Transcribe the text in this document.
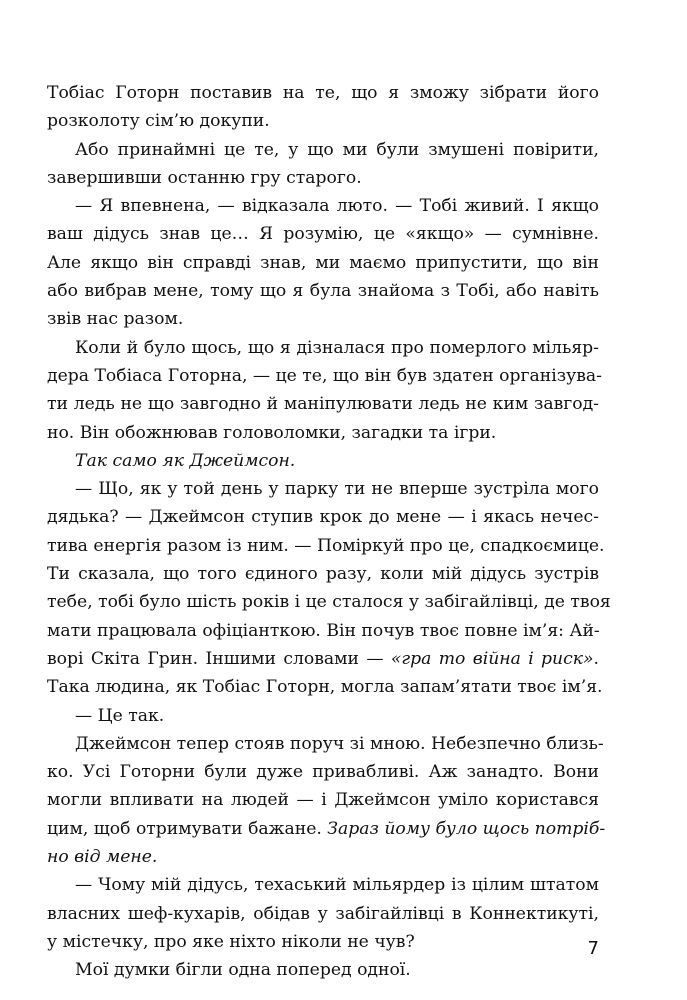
Тобіас Готорн поставив на те, що я зможу зібрати його
розколоту сім’ю докупи.
Або принаймні це те, у що ми були змушені повірити,
завершивши останню гру старого.
— Я впевнена, — відказала люто. — Тобі живий. І якщо
ваш дідусь знав це… Я розумію, це «якщо» — сумнівне.
Але якщо він справді знав, ми маємо припустити, що він
або вибрав мене, тому що я була знайома з Тобі, або навіть
звів нас разом.
Коли й було щось, що я дізналася про померлого мільяр-
дера Тобіаса Готорна, — це те, що він був здатен організува-
ти ледь не що завгодно й маніпулювати ледь не ким завгод-
но. Він обожнював головоломки, загадки та ігри.
Так само як Джеймсон.
— Що, як у той день у парку ти не вперше зустріла мого
дядька? — Джеймсон ступив крок до мене — і якась нечес-
тива енергія разом із ним. — Поміркуй про це, спадкоємице.
Ти сказала, що того єдиного разу, коли мій дідусь зустрів
тебе, тобі було шість років і це сталося у забігайлівці, де твоя
мати працювала офіціанткою. Він почув твоє повне ім’я: Ай-
ворі Скіта Грин. Іншими словами — «гра то війна і риск».
Така людина, як Тобіас Готорн, могла запам’ятати твоє ім’я.
— Це так.
Джеймсон тепер стояв поруч зі мною. Небезпечно близь-
ко. Усі Готорни були дуже привабливі. Аж занадто. Вони
могли впливати на людей — і Джеймсон уміло користався
цим, щоб отримувати бажане. Зараз йому було щось потріб-
но від мене.
— Чому мій дідусь, техаський мільярдер із цілим штатом
власних шеф-кухарів, обідав у забігайлівці в Коннектикуті,
у містечку, про яке ніхто ніколи не чув?
Мої думки бігли одна поперед одної.
7
